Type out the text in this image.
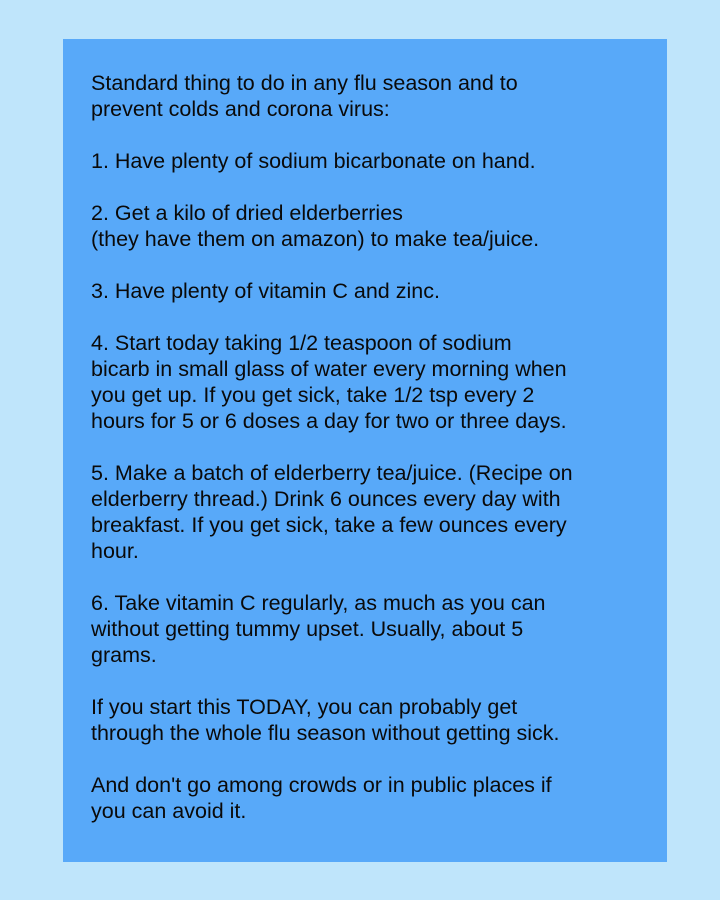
Standard thing to do in any flu season and to
prevent colds and corona virus:
1. Have plenty of sodium bicarbonate on hand.
2. Get a kilo of dried elderberries
(they have them on amazon) to make tea/juice.
3. Have plenty of vitamin C and zinc.
4. Start today taking 1/2 teaspoon of sodium
bicarb in small glass of water every morning when
you get up. If you get sick, take 1/2 tsp every 2
hours for 5 or 6 doses a day for two or three days.
5. Make a batch of elderberry tea/juice. (Recipe on
elderberry thread.) Drink 6 ounces every day with
breakfast. If you get sick, take a few ounces every
hour.
6. Take vitamin C regularly, as much as you can
without getting tummy upset. Usually, about 5
grams.
If you start this TODAY, you can probably get
through the whole flu season without getting sick.
And don't go among crowds or in public places if
you can avoid it.
